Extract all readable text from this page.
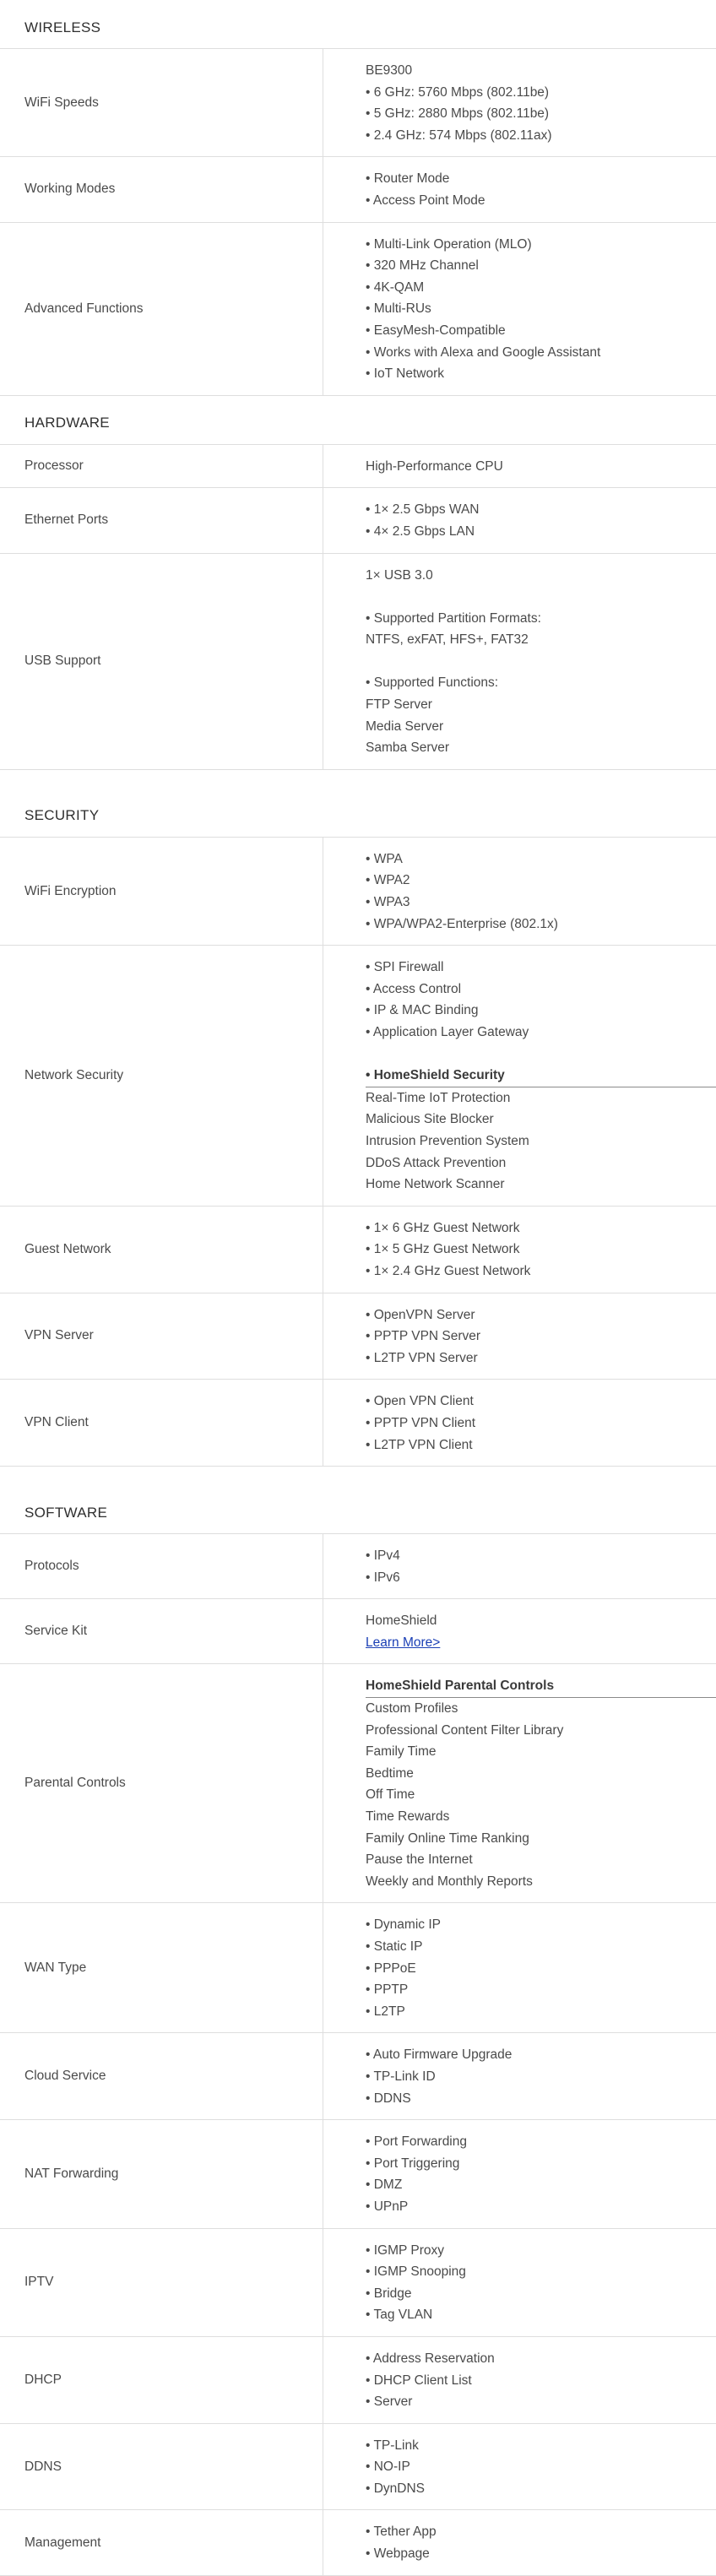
WIRELESS
WiFi Speeds
BE9300
• 6 GHz: 5760 Mbps (802.11be)
• 5 GHz: 2880 Mbps (802.11be)
• 2.4 GHz: 574 Mbps (802.11ax)
Working Modes
• Router Mode
• Access Point Mode
Advanced Functions
• Multi-Link Operation (MLO)
• 320 MHz Channel
• 4K-QAM
• Multi-RUs
• EasyMesh-Compatible
• Works with Alexa and Google Assistant
• IoT Network
HARDWARE
Processor	High-Performance CPU
Ethernet Ports
• 1× 2.5 Gbps WAN
• 4× 2.5 Gbps LAN
USB Support
1× USB 3.0
• Supported Partition Formats:
NTFS, exFAT, HFS+, FAT32
• Supported Functions:
FTP Server
Media Server
Samba Server
SECURITY
WiFi Encryption
• WPA
• WPA2
• WPA3
• WPA/WPA2-Enterprise (802.1x)
Network Security
• SPI Firewall
• Access Control
• IP & MAC Binding
• Application Layer Gateway
• HomeShield Security
Real-Time IoT Protection
Malicious Site Blocker
Intrusion Prevention System
DDoS Attack Prevention
Home Network Scanner
Guest Network
• 1× 6 GHz Guest Network
• 1× 5 GHz Guest Network
• 1× 2.4 GHz Guest Network
VPN Server
• OpenVPN Server
• PPTP VPN Server
• L2TP VPN Server
VPN Client
• Open VPN Client
• PPTP VPN Client
• L2TP VPN Client
SOFTWARE
Protocols
• IPv4
• IPv6
Service Kit
HomeShield
Learn More>
Parental Controls
HomeShield Parental Controls
Custom Profiles
Professional Content Filter Library
Family Time
Bedtime
Off Time
Time Rewards
Family Online Time Ranking
Pause the Internet
Weekly and Monthly Reports
WAN Type
• Dynamic IP
• Static IP
• PPPoE
• PPTP
• L2TP
Cloud Service
• Auto Firmware Upgrade
• TP-Link ID
• DDNS
NAT Forwarding
• Port Forwarding
• Port Triggering
• DMZ
• UPnP
IPTV
• IGMP Proxy
• IGMP Snooping
• Bridge
• Tag VLAN
DHCP
• Address Reservation
• DHCP Client List
• Server
DDNS
• TP-Link
• NO-IP
• DynDNS
Management
• Tether App
• Webpage
